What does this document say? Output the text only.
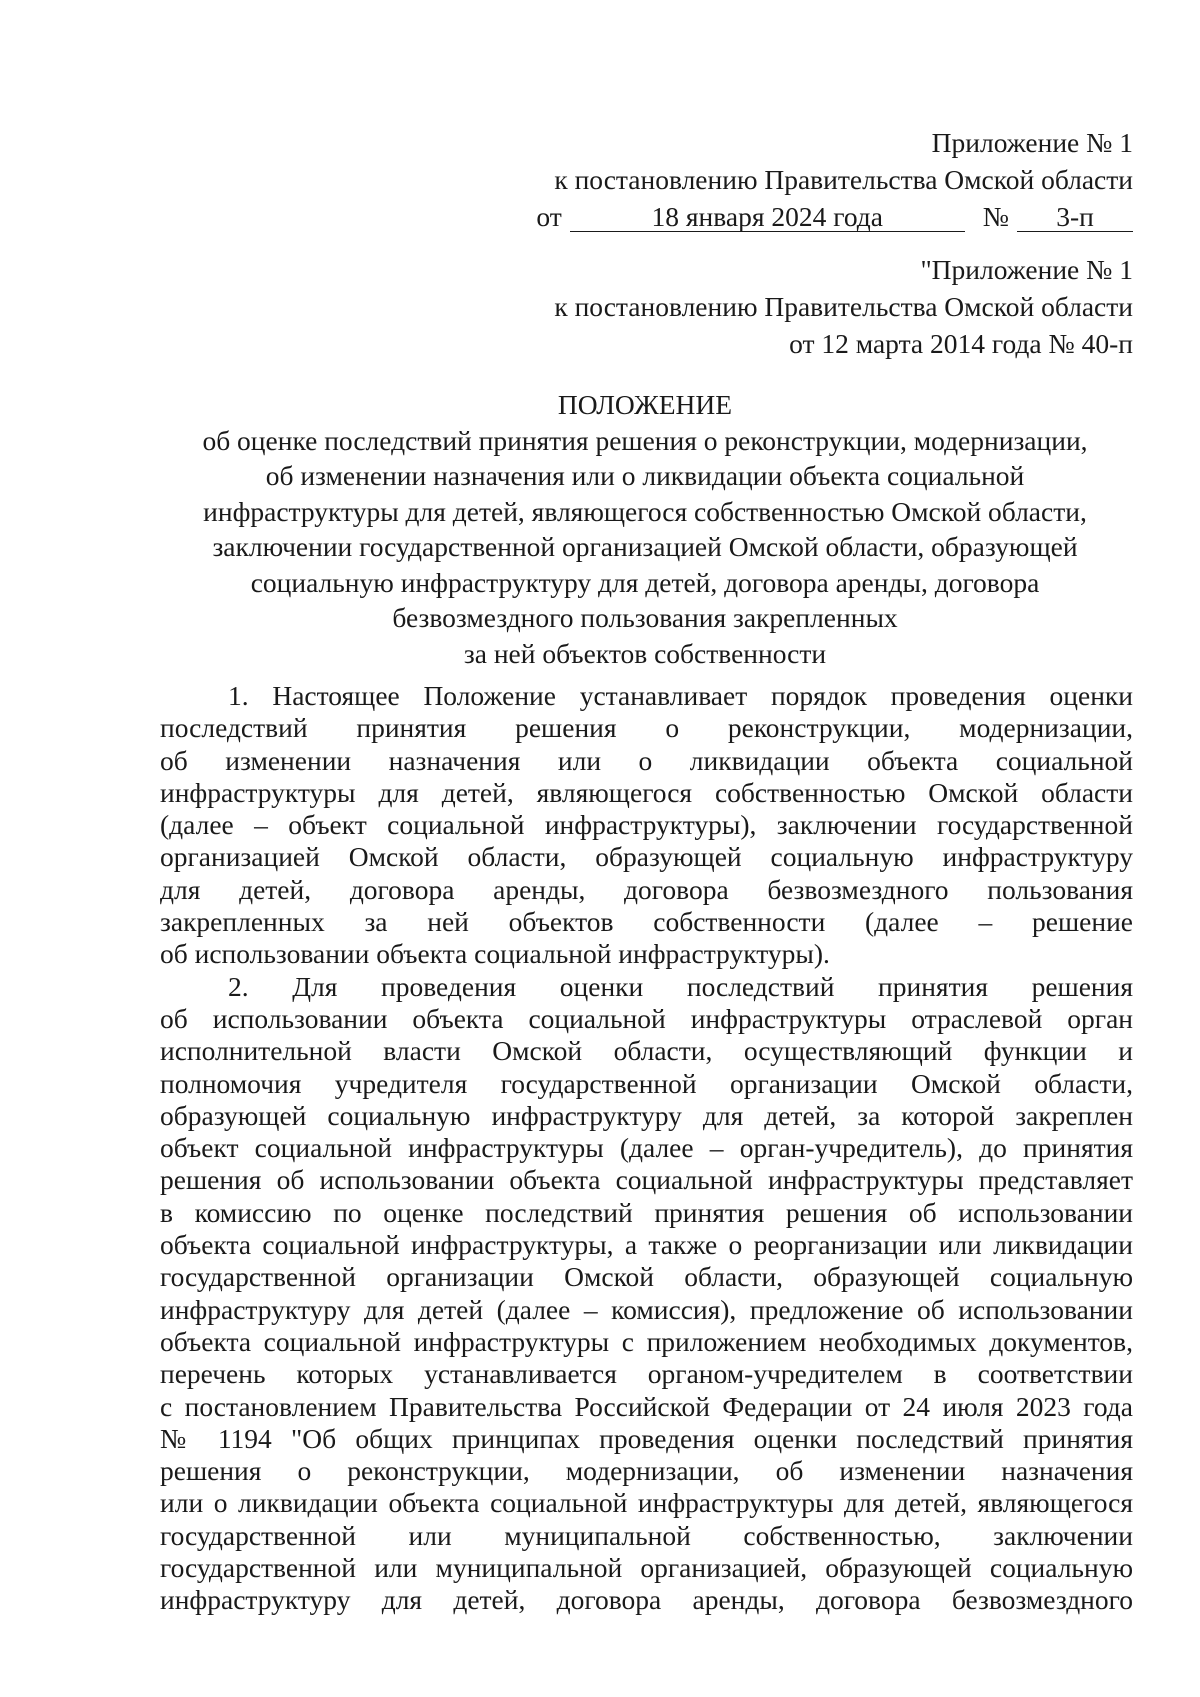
Приложение № 1
к постановлению Правительства Омской области
от	18 января 2024 года	№ 3-п
"Приложение № 1
к постановлению Правительства Омской области
от 12 марта 2014 года № 40-п
ПОЛОЖЕНИЕ
об оценке последствий принятия решения о реконструкции, модернизации,
об изменении назначения или о ликвидации объекта социальной
инфраструктуры для детей, являющегося собственностью Омской области,
заключении государственной организацией Омской области, образующей
социальную инфраструктуру для детей, договора аренды, договора
безвозмездного пользования закрепленных
за ней объектов собственности
1. Настоящее Положение устанавливает порядок проведения оценки
последствий принятия решения о реконструкции, модернизации,
об изменении назначения или о ликвидации объекта социальной
инфраструктуры для детей, являющегося собственностью Омской области
(далее – объект социальной инфраструктуры), заключении государственной
организацией Омской области, образующей социальную инфраструктуру
для детей, договора аренды, договора безвозмездного пользования
закрепленных за ней объектов собственности (далее – решение
об использовании объекта социальной инфраструктуры).
2. Для проведения оценки последствий принятия решения
об использовании объекта социальной инфраструктуры отраслевой орган
исполнительной власти Омской области, осуществляющий функции и
полномочия учредителя государственной организации Омской области,
образующей социальную инфраструктуру для детей, за которой закреплен
объект социальной инфраструктуры (далее – орган-учредитель), до принятия
решения об использовании объекта социальной инфраструктуры представляет
в комиссию по оценке последствий принятия решения об использовании
объекта социальной инфраструктуры, а также о реорганизации или ликвидации
государственной организации Омской области, образующей социальную
инфраструктуру для детей (далее – комиссия), предложение об использовании
объекта социальной инфраструктуры с приложением необходимых документов,
перечень которых устанавливается органом-учредителем в соответствии
с постановлением Правительства Российской Федерации от 24 июля 2023 года
№ 1194 "Об общих принципах проведения оценки последствий принятия
решения о реконструкции, модернизации, об изменении назначения
или о ликвидации объекта социальной инфраструктуры для детей, являющегося
государственной или муниципальной собственностью, заключении
государственной или муниципальной организацией, образующей социальную
инфраструктуру для детей, договора аренды, договора безвозмездного
